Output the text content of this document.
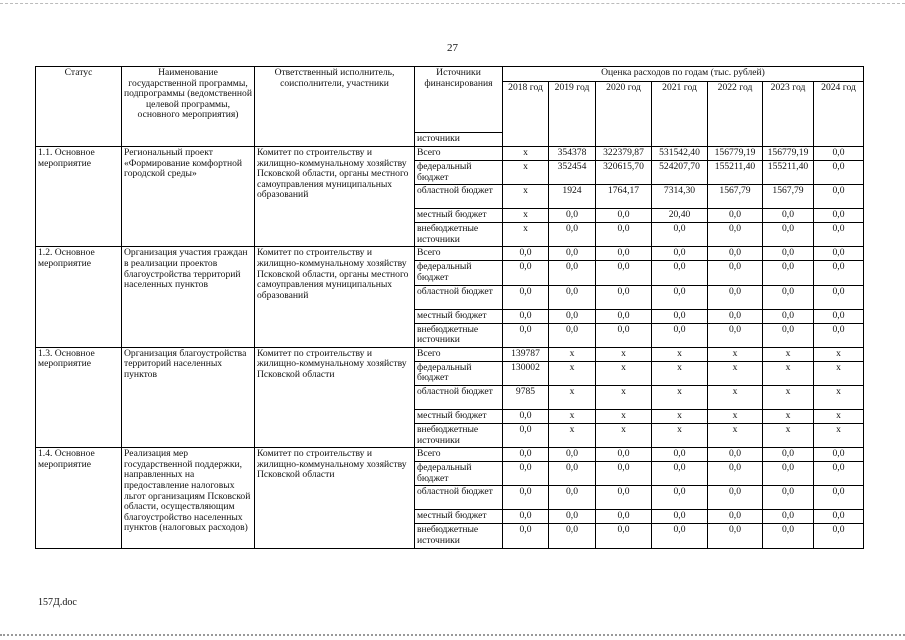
27
Статус	Наименование государственной программы, подпрограммы (ведомственной целевой программы, основного мероприятия)	Ответственный исполнитель, соисполнители, участники	Источники финансирования	Оценка расходов по годам (тыс. рублей)						
				2018 год	2019 год	2020 год	2021 год	2022 год	2023 год	2024 год
			источники							
1.1. Основное мероприятие	Региональный проект «Формирование комфортной городской среды»	Комитет по строительству и жилищно-коммунальному хозяйству Псковской области, органы местного самоуправления муниципальных образований	Всего	x	354378	322379,87	531542,40	156779,19	156779,19	0,0
			федеральный бюджет	x	352454	320615,70	524207,70	155211,40	155211,40	0,0
			областной бюджет	x	1924	1764,17	7314,30	1567,79	1567,79	0,0
			местный бюджет	x	0,0	0,0	20,40	0,0	0,0	0,0
			внебюджетные источники	x	0,0	0,0	0,0	0,0	0,0	0,0
1.2. Основное мероприятие	Организация участия граждан в реализации проектов благоустройства территорий населенных пунктов	Комитет по строительству и жилищно-коммунальному хозяйству Псковской области, органы местного самоуправления муниципальных образований	Всего	0,0	0,0	0,0	0,0	0,0	0,0	0,0
			федеральный бюджет	0,0	0,0	0,0	0,0	0,0	0,0	0,0
			областной бюджет	0,0	0,0	0,0	0,0	0,0	0,0	0,0
			местный бюджет	0,0	0,0	0,0	0,0	0,0	0,0	0,0
			внебюджетные источники	0,0	0,0	0,0	0,0	0,0	0,0	0,0
1.3. Основное мероприятие	Организация благоустройства территорий населенных пунктов	Комитет по строительству и жилищно-коммунальному хозяйству Псковской области	Всего	139787	x	x	x	x	x	x
			федеральный бюджет	130002	x	x	x	x	x	x
			областной бюджет	9785	x	x	x	x	x	x
			местный бюджет	0,0	x	x	x	x	x	x
			внебюджетные источники	0,0	x	x	x	x	x	x
1.4. Основное мероприятие	Реализация мер государственной поддержки, направленных на предоставление налоговых льгот организациям Псковской области, осуществляющим благоустройство населенных пунктов (налоговых расходов)	Комитет по строительству и жилищно-коммунальному хозяйству Псковской области	Всего	0,0	0,0	0,0	0,0	0,0	0,0	0,0
			федеральный бюджет	0,0	0,0	0,0	0,0	0,0	0,0	0,0
			областной бюджет	0,0	0,0	0,0	0,0	0,0	0,0	0,0
			местный бюджет	0,0	0,0	0,0	0,0	0,0	0,0	0,0
			внебюджетные источники	0,0	0,0	0,0	0,0	0,0	0,0	0,0
157Д.doc
